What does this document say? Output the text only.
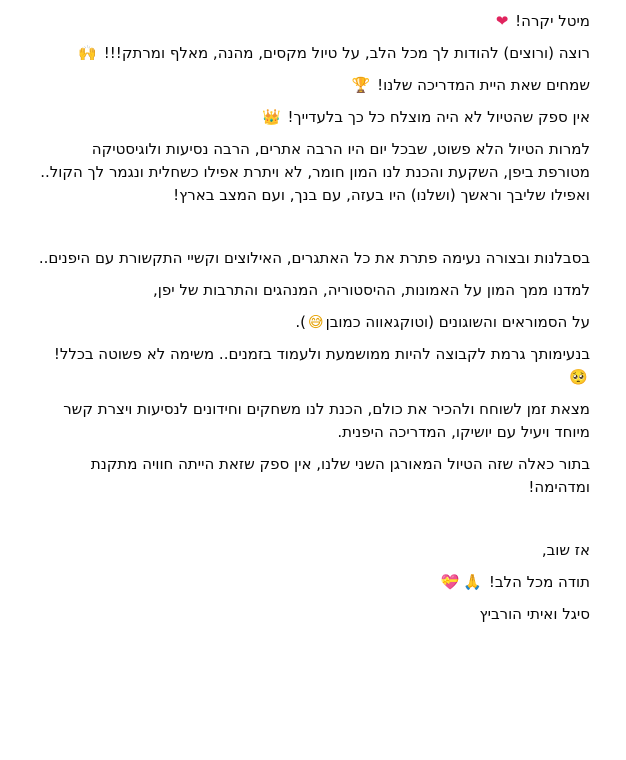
מיטל יקרה! ❤

רוצה (ורוצים) להודות לך מכל הלב, על טיול מקסים, מהנה, מאלף ומרתק!!! 🙌

שמחים שאת היית המדריכה שלנו! 🏆

אין ספק שהטיול לא היה מוצלח כל כך בלעדייך! 👑

למרות הטיול הלא פשוט, שבכל יום היו הרבה אתרים, הרבה נסיעות ולוגיסטיקה מטורפת ביפן, השקעת והכנת לנו המון חומר, לא ויתרת אפילו כשחלית ונגמר לך הקול.. ואפילו שליבך וראשך (ושלנו) היו בעזה, עם בנך, ועם המצב בארץ!

בסבלנות ובצורה נעימה פתרת את כל האתגרים, האילוצים וקשיי התקשורת עם היפנים..

למדנו ממך המון על האמונות, ההיסטוריה, המנהגים והתרבות של יפן,

על הסמוראים והשוגונים (וטוקגאווה כמובן😅).

בנעימותך גרמת לקבוצה להיות ממושמעת ולעמוד בזמנים.. משימה לא פשוטה בכלל! 🥺

מצאת זמן לשוחח ולהכיר את כולם, הכנת לנו משחקים וחידונים לנסיעות ויצרת קשר מיוחד ויעיל עם יושיקו, המדריכה היפנית.

בתור כאלה שזה הטיול המאורגן השני שלנו, אין ספק שזאת הייתה חוויה מתקנת ומדהימה!

אז שוב,

תודה מכל הלב! 🙏💝

סיגל ואיתי הורביץ
